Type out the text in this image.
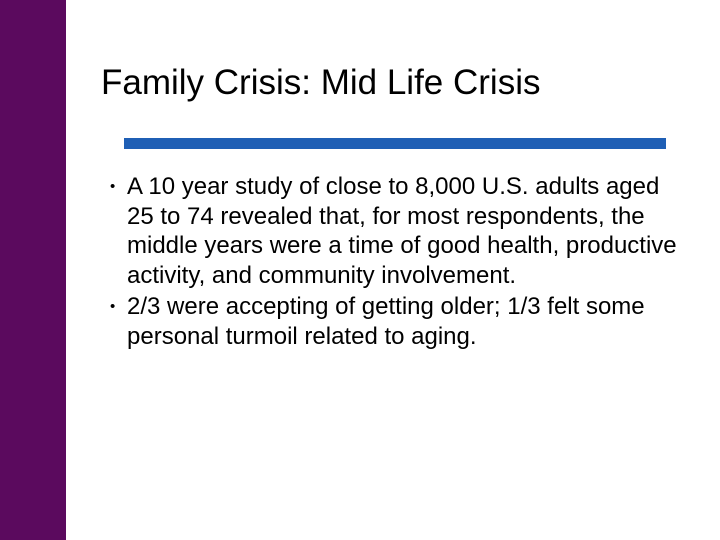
Family Crisis: Mid Life Crisis
• A 10 year study of close to 8,000 U.S. adults aged 25 to 74 revealed that, for most respondents, the middle years were a time of good health, productive activity, and community involvement.
• 2/3 were accepting of getting older; 1/3 felt some personal turmoil related to aging.
